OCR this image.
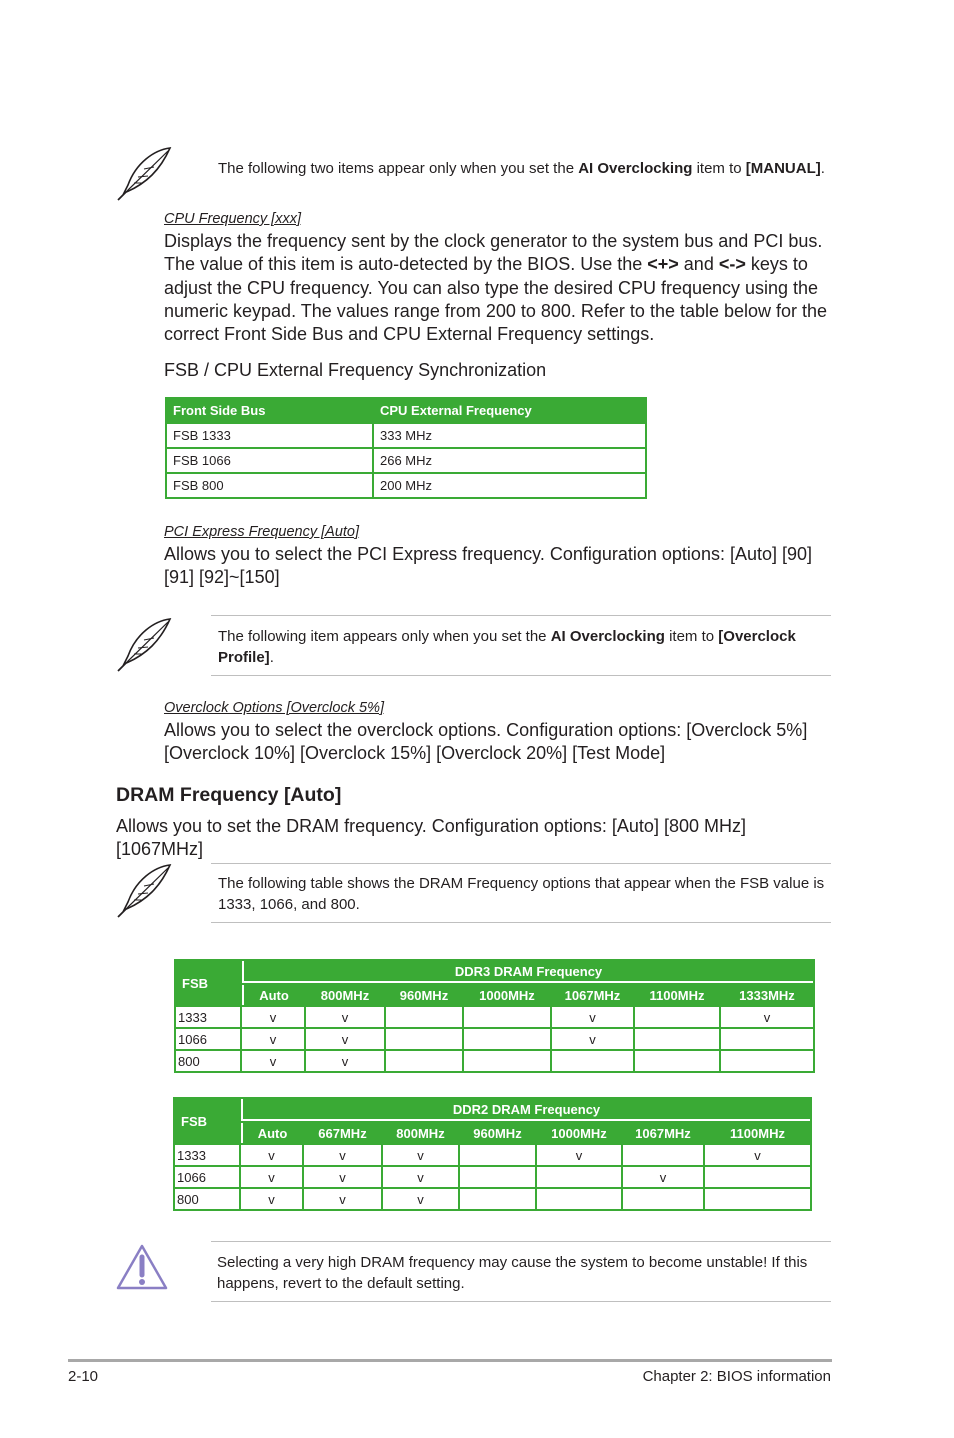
The following two items appear only when you set the AI Overclocking item to [MANUAL].
CPU Frequency [xxx]
Displays the frequency sent by the clock generator to the system bus and PCI bus. The value of this item is auto-detected by the BIOS. Use the <+> and <-> keys to adjust the CPU frequency. You can also type the desired CPU frequency using the numeric keypad. The values range from 200 to 800. Refer to the table below for the correct Front Side Bus and CPU External Frequency settings.
FSB / CPU External Frequency Synchronization
Front Side Bus	CPU External Frequency
FSB 1333	333 MHz
FSB 1066	266 MHz
FSB 800	200 MHz
PCI Express Frequency [Auto]
Allows you to select the PCI Express frequency. Configuration options: [Auto] [90] [91] [92]~[150]
The following item appears only when you set the AI Overclocking item to [Overclock Profile].
Overclock Options [Overclock 5%]
Allows you to select the overclock options. Configuration options: [Overclock 5%] [Overclock 10%] [Overclock 15%] [Overclock 20%] [Test Mode]
DRAM Frequency [Auto]
Allows you to set the DRAM frequency. Configuration options: [Auto] [800 MHz] [1067MHz]
The following table shows the DRAM Frequency options that appear when the FSB value is 1333, 1066, and 800.
FSB	DDR3 DRAM Frequency						
	Auto	800MHz	960MHz	1000MHz	1067MHz	1100MHz	1333MHz
1333	v	v			v		v
1066	v	v			v		
800	v	v					
FSB	DDR2 DRAM Frequency						
	Auto	667MHz	800MHz	960MHz	1000MHz	1067MHz	1100MHz
1333	v	v	v		v		v
1066	v	v	v			v	
800	v	v	v				
Selecting a very high DRAM frequency may cause the system to become unstable! If this happens, revert to the default setting.
2-10	Chapter 2: BIOS information
